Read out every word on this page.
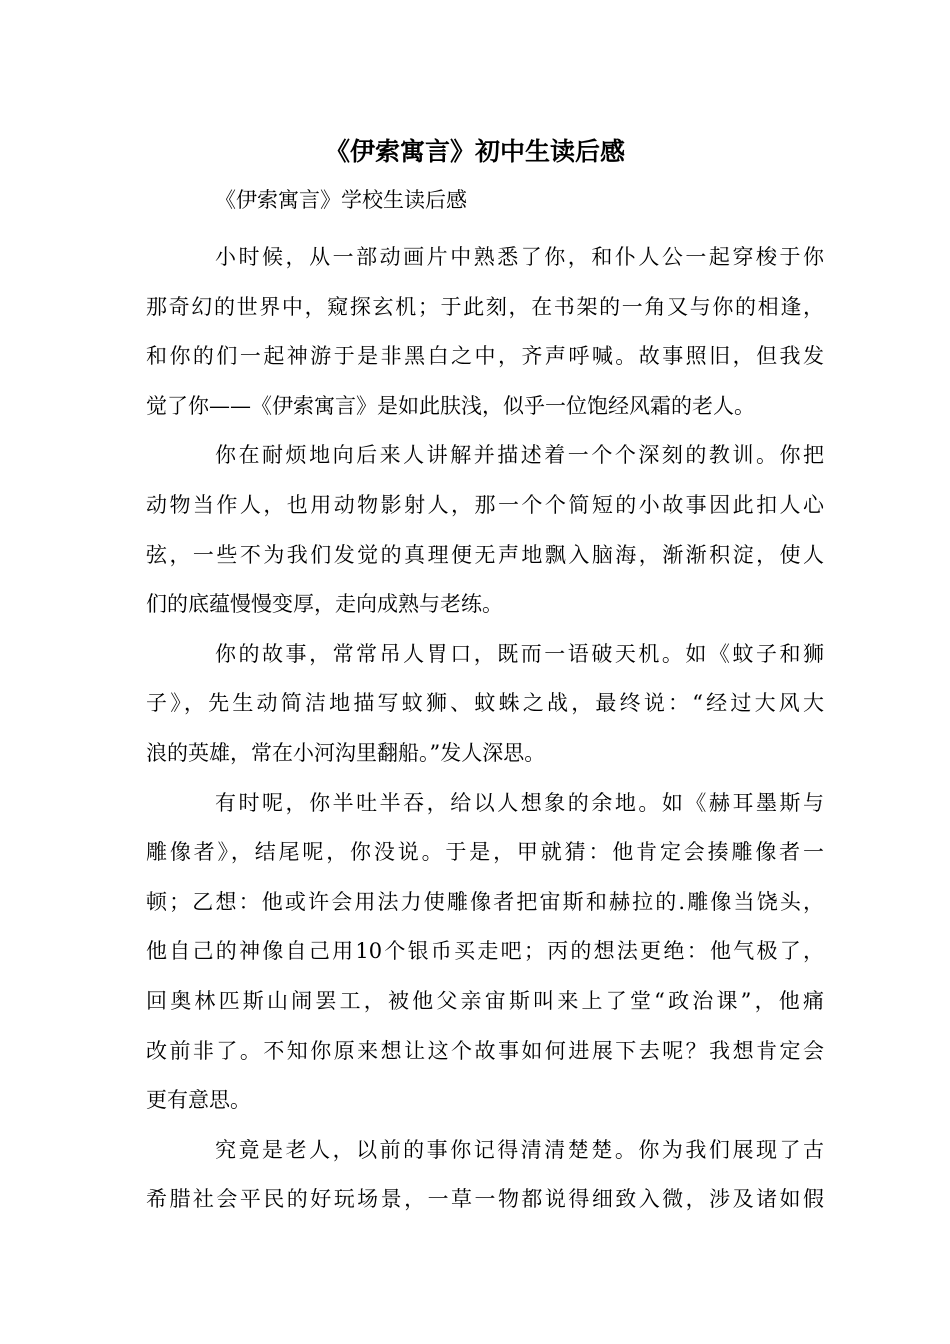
《伊索寓言》初中生读后感

《伊索寓言》学校生读后感

小时候，从一部动画片中熟悉了你，和仆人公一起穿梭于你
那奇幻的世界中，窥探玄机；于此刻，在书架的一角又与你的相逢，
和你的们一起神游于是非黑白之中，齐声呼喊。故事照旧，但我发
觉了你——《伊索寓言》是如此肤浅，似乎一位饱经风霜的老人。

你在耐烦地向后来人讲解并描述着一个个深刻的教训。你把
动物当作人，也用动物影射人，那一个个简短的小故事因此扣人心
弦，一些不为我们发觉的真理便无声地飘入脑海，渐渐积淀，使人
们的底蕴慢慢变厚，走向成熟与老练。

你的故事，常常吊人胃口，既而一语破天机。如《蚊子和狮
子》，先生动简洁地描写蚊狮、蚊蛛之战，最终说：“经过大风大
浪的英雄，常在小河沟里翻船。”发人深思。

有时呢，你半吐半吞，给以人想象的余地。如《赫耳墨斯与
雕像者》，结尾呢，你没说。于是，甲就猜：他肯定会揍雕像者一
顿；乙想：他或许会用法力使雕像者把宙斯和赫拉的.雕像当饶头，
他自己的神像自己用10个银币买走吧；丙的想法更绝：他气极了，
回奥林匹斯山闹罢工，被他父亲宙斯叫来上了堂“政治课”，他痛
改前非了。不知你原来想让这个故事如何进展下去呢？我想肯定会
更有意思。

究竟是老人，以前的事你记得清清楚楚。你为我们展现了古
希腊社会平民的好玩场景，一草一物都说得细致入微，涉及诸如假
